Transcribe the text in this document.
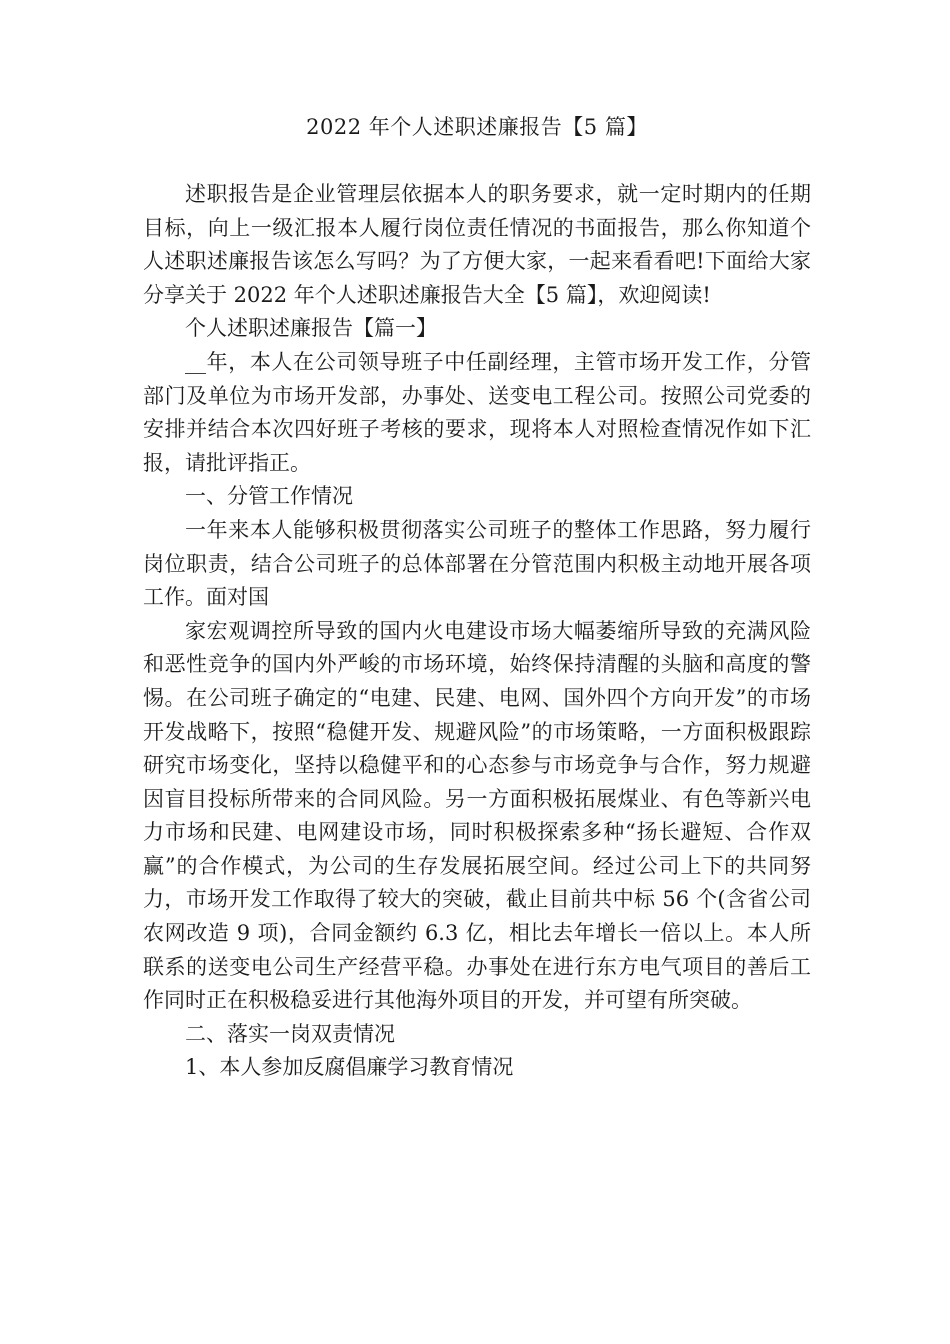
2022 年个人述职述廉报告【5 篇】

述职报告是企业管理层依据本人的职务要求，就一定时期内的任期目标，向上一级汇报本人履行岗位责任情况的书面报告，那么你知道个人述职述廉报告该怎么写吗？为了方便大家，一起来看看吧!下面给大家分享关于 2022 年个人述职述廉报告大全【5 篇】，欢迎阅读!

个人述职述廉报告【篇一】

__年，本人在公司领导班子中任副经理，主管市场开发工作，分管部门及单位为市场开发部，办事处、送变电工程公司。按照公司党委的安排并结合本次四好班子考核的要求，现将本人对照检查情况作如下汇报，请批评指正。

一、分管工作情况

一年来本人能够积极贯彻落实公司班子的整体工作思路，努力履行岗位职责，结合公司班子的总体部署在分管范围内积极主动地开展各项工作。面对国

家宏观调控所导致的国内火电建设市场大幅萎缩所导致的充满风险和恶性竞争的国内外严峻的市场环境，始终保持清醒的头脑和高度的警惕。在公司班子确定的“电建、民建、电网、国外四个方向开发”的市场开发战略下，按照“稳健开发、规避风险”的市场策略，一方面积极跟踪研究市场变化，坚持以稳健平和的心态参与市场竞争与合作，努力规避因盲目投标所带来的合同风险。另一方面积极拓展煤业、有色等新兴电力市场和民建、电网建设市场，同时积极探索多种“扬长避短、合作双赢”的合作模式，为公司的生存发展拓展空间。经过公司上下的共同努力，市场开发工作取得了较大的突破，截止目前共中标 56 个(含省公司农网改造 9 项)，合同金额约 6.3 亿，相比去年增长一倍以上。本人所联系的送变电公司生产经营平稳。办事处在进行东方电气项目的善后工作同时正在积极稳妥进行其他海外项目的开发，并可望有所突破。

二、落实一岗双责情况

1、本人参加反腐倡廉学习教育情况
